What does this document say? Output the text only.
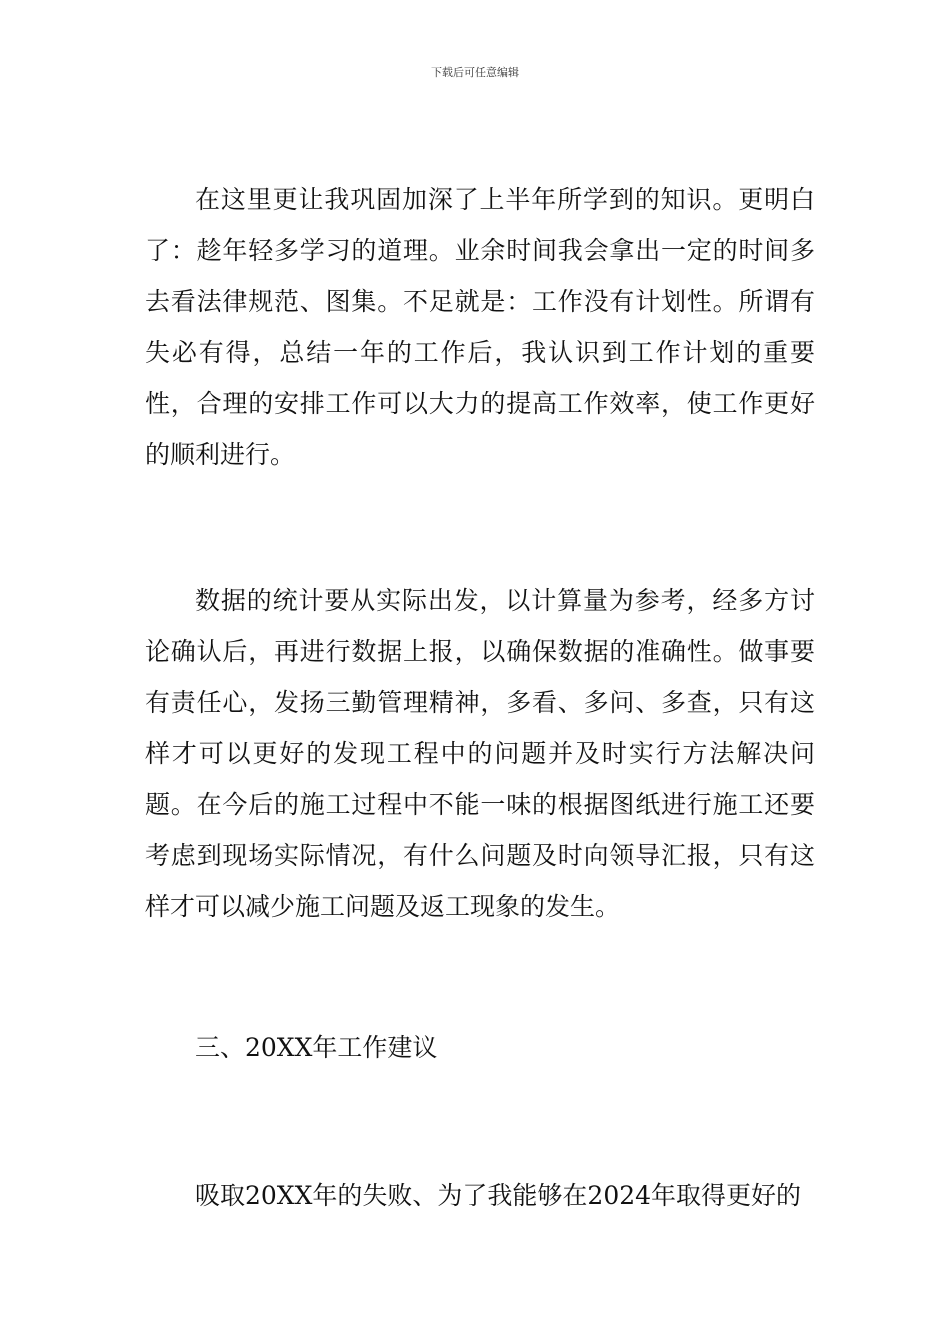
下载后可任意编辑

在这里更让我巩固加深了上半年所学到的知识。更明白了：趁年轻多学习的道理。业余时间我会拿出一定的时间多去看法律规范、图集。不足就是：工作没有计划性。所谓有失必有得，总结一年的工作后，我认识到工作计划的重要性，合理的安排工作可以大力的提高工作效率，使工作更好的顺利进行。

数据的统计要从实际出发，以计算量为参考，经多方讨论确认后，再进行数据上报，以确保数据的准确性。做事要有责任心，发扬三勤管理精神，多看、多问、多查，只有这样才可以更好的发现工程中的问题并及时实行方法解决问题。在今后的施工过程中不能一味的根据图纸进行施工还要考虑到现场实际情况，有什么问题及时向领导汇报，只有这样才可以减少施工问题及返工现象的发生。

三、20XX年工作建议

吸取20XX年的失败、为了我能够在2024年取得更好的
